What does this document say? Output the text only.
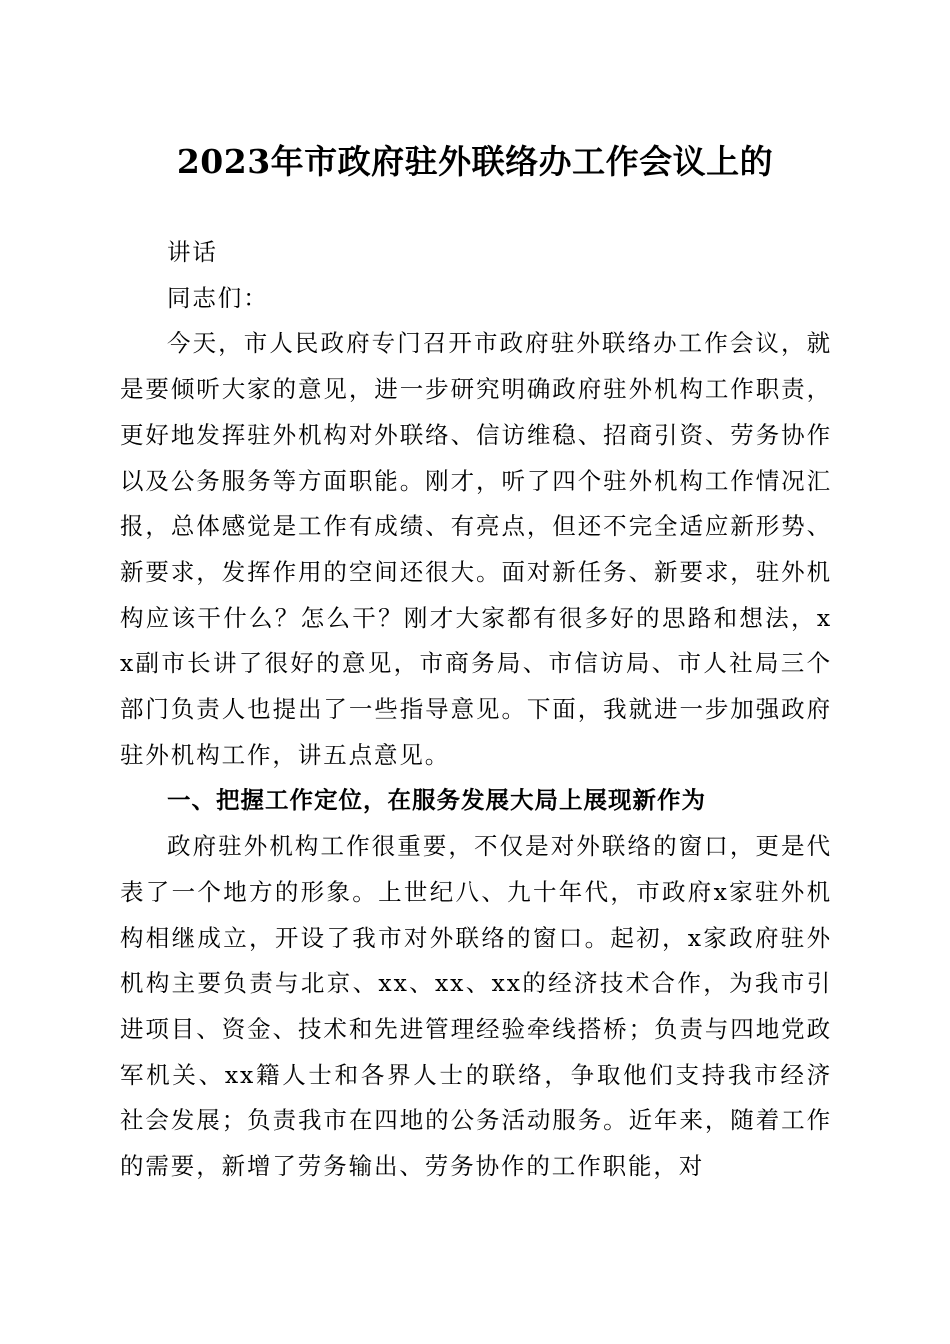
2023年市政府驻外联络办工作会议上的

讲话

同志们：

今天，市人民政府专门召开市政府驻外联络办工作会议，就是要倾听大家的意见，进一步研究明确政府驻外机构工作职责，更好地发挥驻外机构对外联络、信访维稳、招商引资、劳务协作以及公务服务等方面职能。刚才，听了四个驻外机构工作情况汇报，总体感觉是工作有成绩、有亮点，但还不完全适应新形势、新要求，发挥作用的空间还很大。面对新任务、新要求，驻外机构应该干什么？怎么干？刚才大家都有很多好的思路和想法，xx副市长讲了很好的意见，市商务局、市信访局、市人社局三个部门负责人也提出了一些指导意见。下面，我就进一步加强政府驻外机构工作，讲五点意见。

一、把握工作定位，在服务发展大局上展现新作为

政府驻外机构工作很重要，不仅是对外联络的窗口，更是代表了一个地方的形象。上世纪八、九十年代，市政府x家驻外机构相继成立，开设了我市对外联络的窗口。起初，x家政府驻外机构主要负责与北京、xx、xx、xx的经济技术合作，为我市引进项目、资金、技术和先进管理经验牵线搭桥；负责与四地党政军机关、xx籍人士和各界人士的联络，争取他们支持我市经济社会发展；负责我市在四地的公务活动服务。近年来，随着工作的需要，新增了劳务输出、劳务协作的工作职能，对
